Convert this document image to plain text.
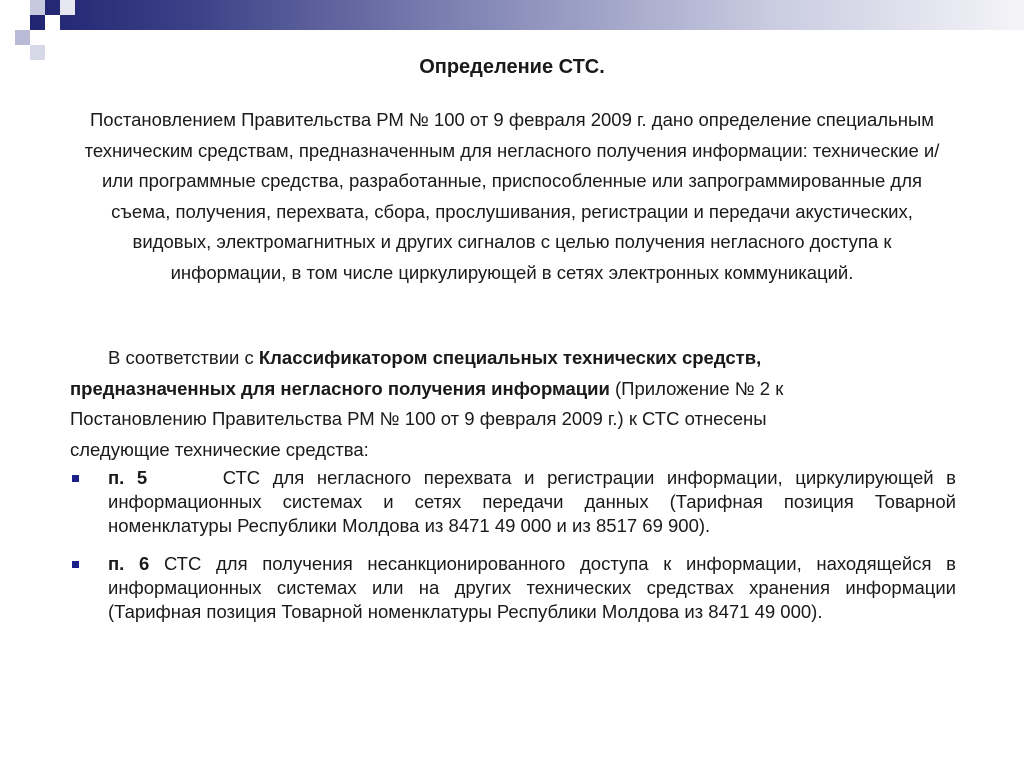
Определение СТС.
Постановлением Правительства РМ № 100 от 9 февраля 2009 г. дано определение специальным техническим средствам, предназначенным для негласного получения информации: технические и/или программные средства, разработанные, приспособленные или запрограммированные для съема, получения, перехвата, сбора, прослушивания, регистрации и передачи акустических, видовых, электромагнитных и других сигналов с целью получения негласного доступа к информации, в том числе циркулирующей в сетях электронных коммуникаций.
В соответствии с Классификатором специальных технических средств,
предназначенных для негласного получения информации (Приложение № 2 к
Постановлению Правительства РМ № 100 от 9 февраля 2009 г.) к СТС отнесены
следующие технические средства:
п. 5	СТС для негласного перехвата и регистрации информации, циркулирующей в информационных системах и сетях передачи данных (Тарифная позиция Товарной номенклатуры Республики Молдова из 8471 49 000 и из 8517 69 900).
п. 6 СТС для получения несанкционированного доступа к информации, находящейся в информационных системах или на других технических средствах хранения информации (Тарифная позиция Товарной номенклатуры Республики Молдова из 8471 49 000).
